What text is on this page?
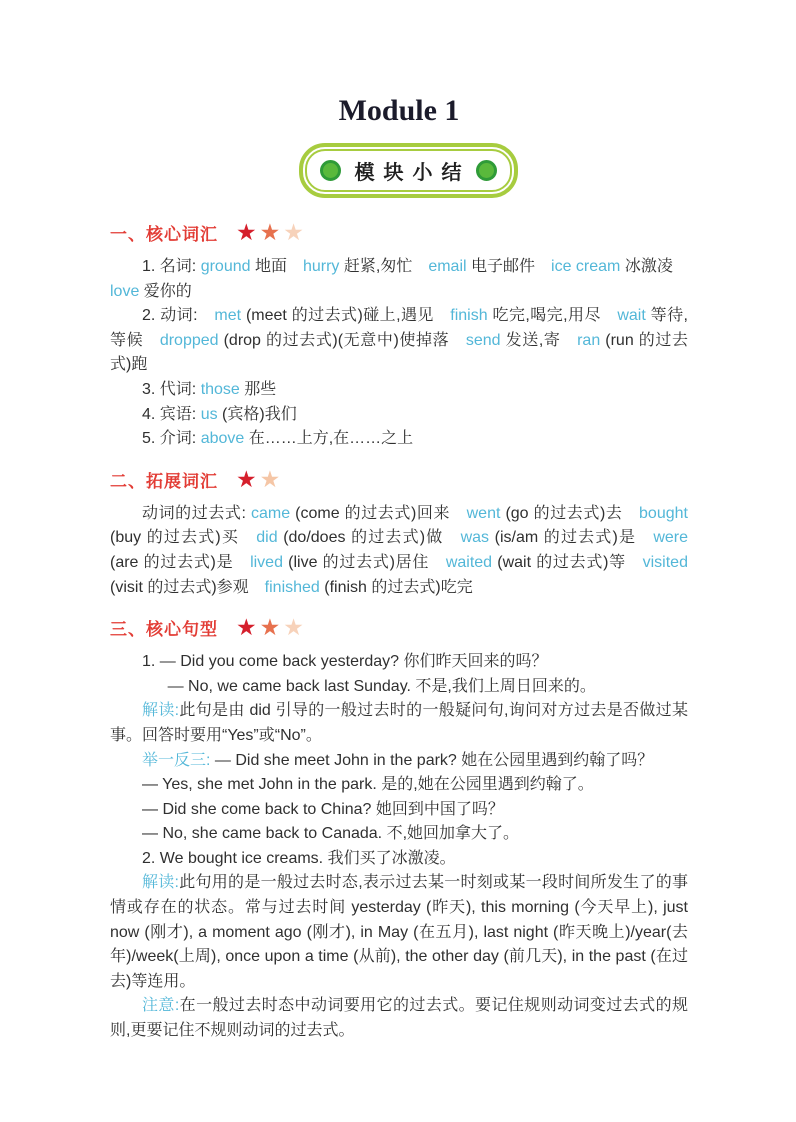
Module 1
模块小结
一、核心词汇 ★ ★ ★

1. 名词: ground 地面　hurry 赶紧,匆忙　email 电子邮件　ice cream 冰激凌

love 爱你的

2. 动词:　met (meet 的过去式)碰上,遇见　finish 吃完,喝完,用尽　wait 等待,等候　dropped (drop 的过去式)(无意中)使掉落　send 发送,寄　ran (run 的过去式)跑

3. 代词: those 那些

4. 宾语: us (宾格)我们

5. 介词: above 在……上方,在……之上

二、拓展词汇 ★ ★

动词的过去式: came (come 的过去式)回来　went (go 的过去式)去　bought (buy 的过去式)买　did (do/does 的过去式)做　was (is/am 的过去式)是　were (are 的过去式)是　lived (live 的过去式)居住　waited (wait 的过去式)等　visited (visit 的过去式)参观　finished (finish 的过去式)吃完

三、核心句型 ★ ★ ★

1. — Did you come back yesterday? 你们昨天回来的吗？

— No, we came back last Sunday. 不是,我们上周日回来的。

解读:此句是由 did 引导的一般过去时的一般疑问句,询问对方过去是否做过某事。回答时要用“Yes”或“No”。

举一反三: — Did she meet John in the park? 她在公园里遇到约翰了吗？

— Yes, she met John in the park. 是的,她在公园里遇到约翰了。

— Did she come back to China? 她回到中国了吗？

— No, she came back to Canada. 不,她回加拿大了。

2. We bought ice creams. 我们买了冰激凌。

解读:此句用的是一般过去时态,表示过去某一时刻或某一段时间所发生了的事情或存在的状态。常与过去时间 yesterday (昨天), this morning (今天早上), just now (刚才), a moment ago (刚才), in May (在五月), last night (昨天晚上)/year(去年)/week(上周), once upon a time (从前), the other day (前几天), in the past (在过去)等连用。

注意:在一般过去时态中动词要用它的过去式。要记住规则动词变过去式的规则,更要记住不规则动词的过去式。
